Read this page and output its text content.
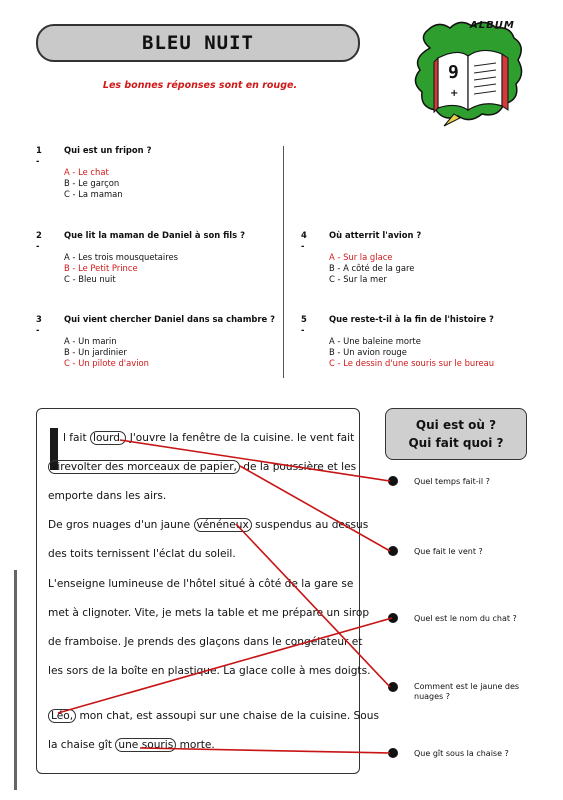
BLEU NUIT
Les bonnes réponses sont en rouge.
9
+
ALBUM
1 -
Qui est un fripon ?
A - Le chat
B - Le garçon
C - La maman
2 -
Que lit la maman de Daniel à son fils ?
A - Les trois mousquetaires
B - Le Petit Prince
C - Bleu nuit
3 -
Qui vient chercher Daniel dans sa chambre ?
A - Un marin
B - Un jardinier
C - Un pilote d'avion
4 -
Où atterrit l'avion ?
A - Sur la glace
B - A côté de la gare
C - Sur la mer
5 -
Que reste-t-il à la fin de l'histoire ?
A - Une baleine morte
B - Un avion rouge
C - Le dessin d'une souris sur le bureau
l fait lourd. J'ouvre la fenêtre de la cuisine. le vent fait
virevolter des morceaux de papier, de la poussière et les
emporte dans les airs.
De gros nuages d'un jaune vénéneux suspendus au dessus
des toits ternissent l'éclat du soleil.
L'enseigne lumineuse de l'hôtel situé à côté de la gare se
met à clignoter. Vite, je mets la table et me prépare un sirop
de framboise. Je prends des glaçons dans le congélateur et
les sors de la boîte en plastique. La glace colle à mes doigts.
Léo, mon chat, est assoupi sur une chaise de la cuisine. Sous
la chaise gît une souris morte.
Qui est où ?
Qui fait quoi ?
Quel temps fait-il ?
Que fait le vent ?
Quel est le nom du chat ?
Comment est le jaune des nuages ?
Que gît sous la chaise ?
